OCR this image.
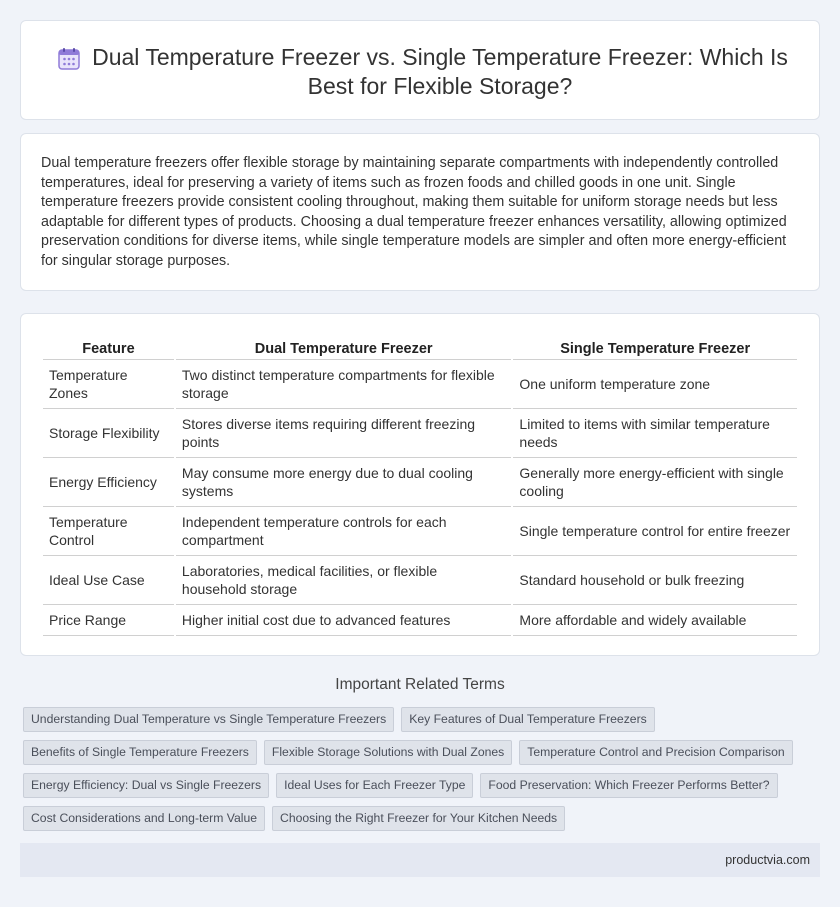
Dual Temperature Freezer vs. Single Temperature Freezer: Which Is Best for Flexible Storage?

Dual temperature freezers offer flexible storage by maintaining separate compartments with independently controlled temperatures, ideal for preserving a variety of items such as frozen foods and chilled goods in one unit. Single temperature freezers provide consistent cooling throughout, making them suitable for uniform storage needs but less adaptable for different types of products. Choosing a dual temperature freezer enhances versatility, allowing optimized preservation conditions for diverse items, while single temperature models are simpler and often more energy-efficient for singular storage purposes.

Feature	Dual Temperature Freezer	Single Temperature Freezer
Temperature Zones	Two distinct temperature compartments for flexible storage	One uniform temperature zone
Storage Flexibility	Stores diverse items requiring different freezing points	Limited to items with similar temperature needs
Energy Efficiency	May consume more energy due to dual cooling systems	Generally more energy-efficient with single cooling
Temperature Control	Independent temperature controls for each compartment	Single temperature control for entire freezer
Ideal Use Case	Laboratories, medical facilities, or flexible household storage	Standard household or bulk freezing
Price Range	Higher initial cost due to advanced features	More affordable and widely available
Important Related Terms
Understanding Dual Temperature vs Single Temperature Freezers	Key Features of Dual Temperature Freezers
Benefits of Single Temperature Freezers	Flexible Storage Solutions with Dual Zones	Temperature Control and Precision Comparison
Energy Efficiency: Dual vs Single Freezers	Ideal Uses for Each Freezer Type	Food Preservation: Which Freezer Performs Better?
Cost Considerations and Long-term Value	Choosing the Right Freezer for Your Kitchen Needs
productvia.com
